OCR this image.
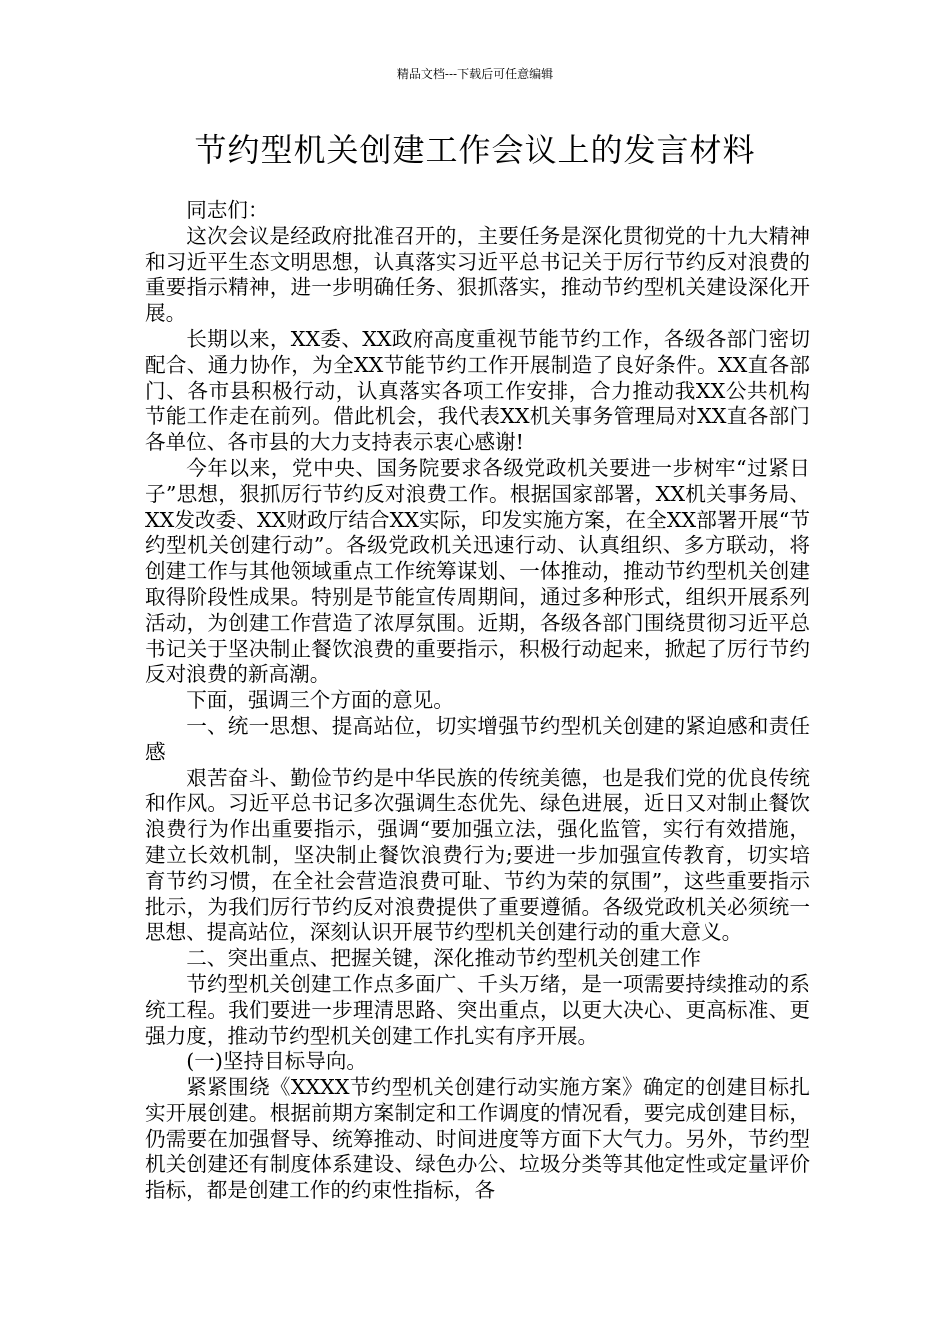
精品文档---下载后可任意编辑
节约型机关创建工作会议上的发言材料

同志们：

这次会议是经政府批准召开的，主要任务是深化贯彻党的十九大精神和习近平生态文明思想，认真落实习近平总书记关于厉行节约反对浪费的重要指示精神，进一步明确任务、狠抓落实，推动节约型机关建设深化开展。

长期以来，XX委、XX政府高度重视节能节约工作，各级各部门密切配合、通力协作，为全XX节能节约工作开展制造了良好条件。XX直各部门、各市县积极行动，认真落实各项工作安排，合力推动我XX公共机构节能工作走在前列。借此机会，我代表XX机关事务管理局对XX直各部门各单位、各市县的大力支持表示衷心感谢!

今年以来，党中央、国务院要求各级党政机关要进一步树牢“过紧日子”思想，狠抓厉行节约反对浪费工作。根据国家部署，XX机关事务局、XX发改委、XX财政厅结合XX实际，印发实施方案，在全XX部署开展“节约型机关创建行动”。各级党政机关迅速行动、认真组织、多方联动，将创建工作与其他领域重点工作统筹谋划、一体推动，推动节约型机关创建取得阶段性成果。特别是节能宣传周期间，通过多种形式，组织开展系列活动，为创建工作营造了浓厚氛围。近期，各级各部门围绕贯彻习近平总书记关于坚决制止餐饮浪费的重要指示，积极行动起来，掀起了厉行节约反对浪费的新高潮。

下面，强调三个方面的意见。

一、统一思想、提高站位，切实增强节约型机关创建的紧迫感和责任感

艰苦奋斗、勤俭节约是中华民族的传统美德，也是我们党的优良传统和作风。习近平总书记多次强调生态优先、绿色进展，近日又对制止餐饮浪费行为作出重要指示，强调“要加强立法，强化监管，实行有效措施，建立长效机制，坚决制止餐饮浪费行为;要进一步加强宣传教育，切实培育节约习惯，在全社会营造浪费可耻、节约为荣的氛围”，这些重要指示批示，为我们厉行节约反对浪费提供了重要遵循。各级党政机关必须统一思想、提高站位，深刻认识开展节约型机关创建行动的重大意义。

二、突出重点、把握关键，深化推动节约型机关创建工作

节约型机关创建工作点多面广、千头万绪，是一项需要持续推动的系统工程。我们要进一步理清思路、突出重点，以更大决心、更高标准、更强力度，推动节约型机关创建工作扎实有序开展。

(一)坚持目标导向。

紧紧围绕《XXXX节约型机关创建行动实施方案》确定的创建目标扎实开展创建。根据前期方案制定和工作调度的情况看，要完成创建目标，仍需要在加强督导、统筹推动、时间进度等方面下大气力。另外，节约型机关创建还有制度体系建设、绿色办公、垃圾分类等其他定性或定量评价指标，都是创建工作的约束性指标，各
